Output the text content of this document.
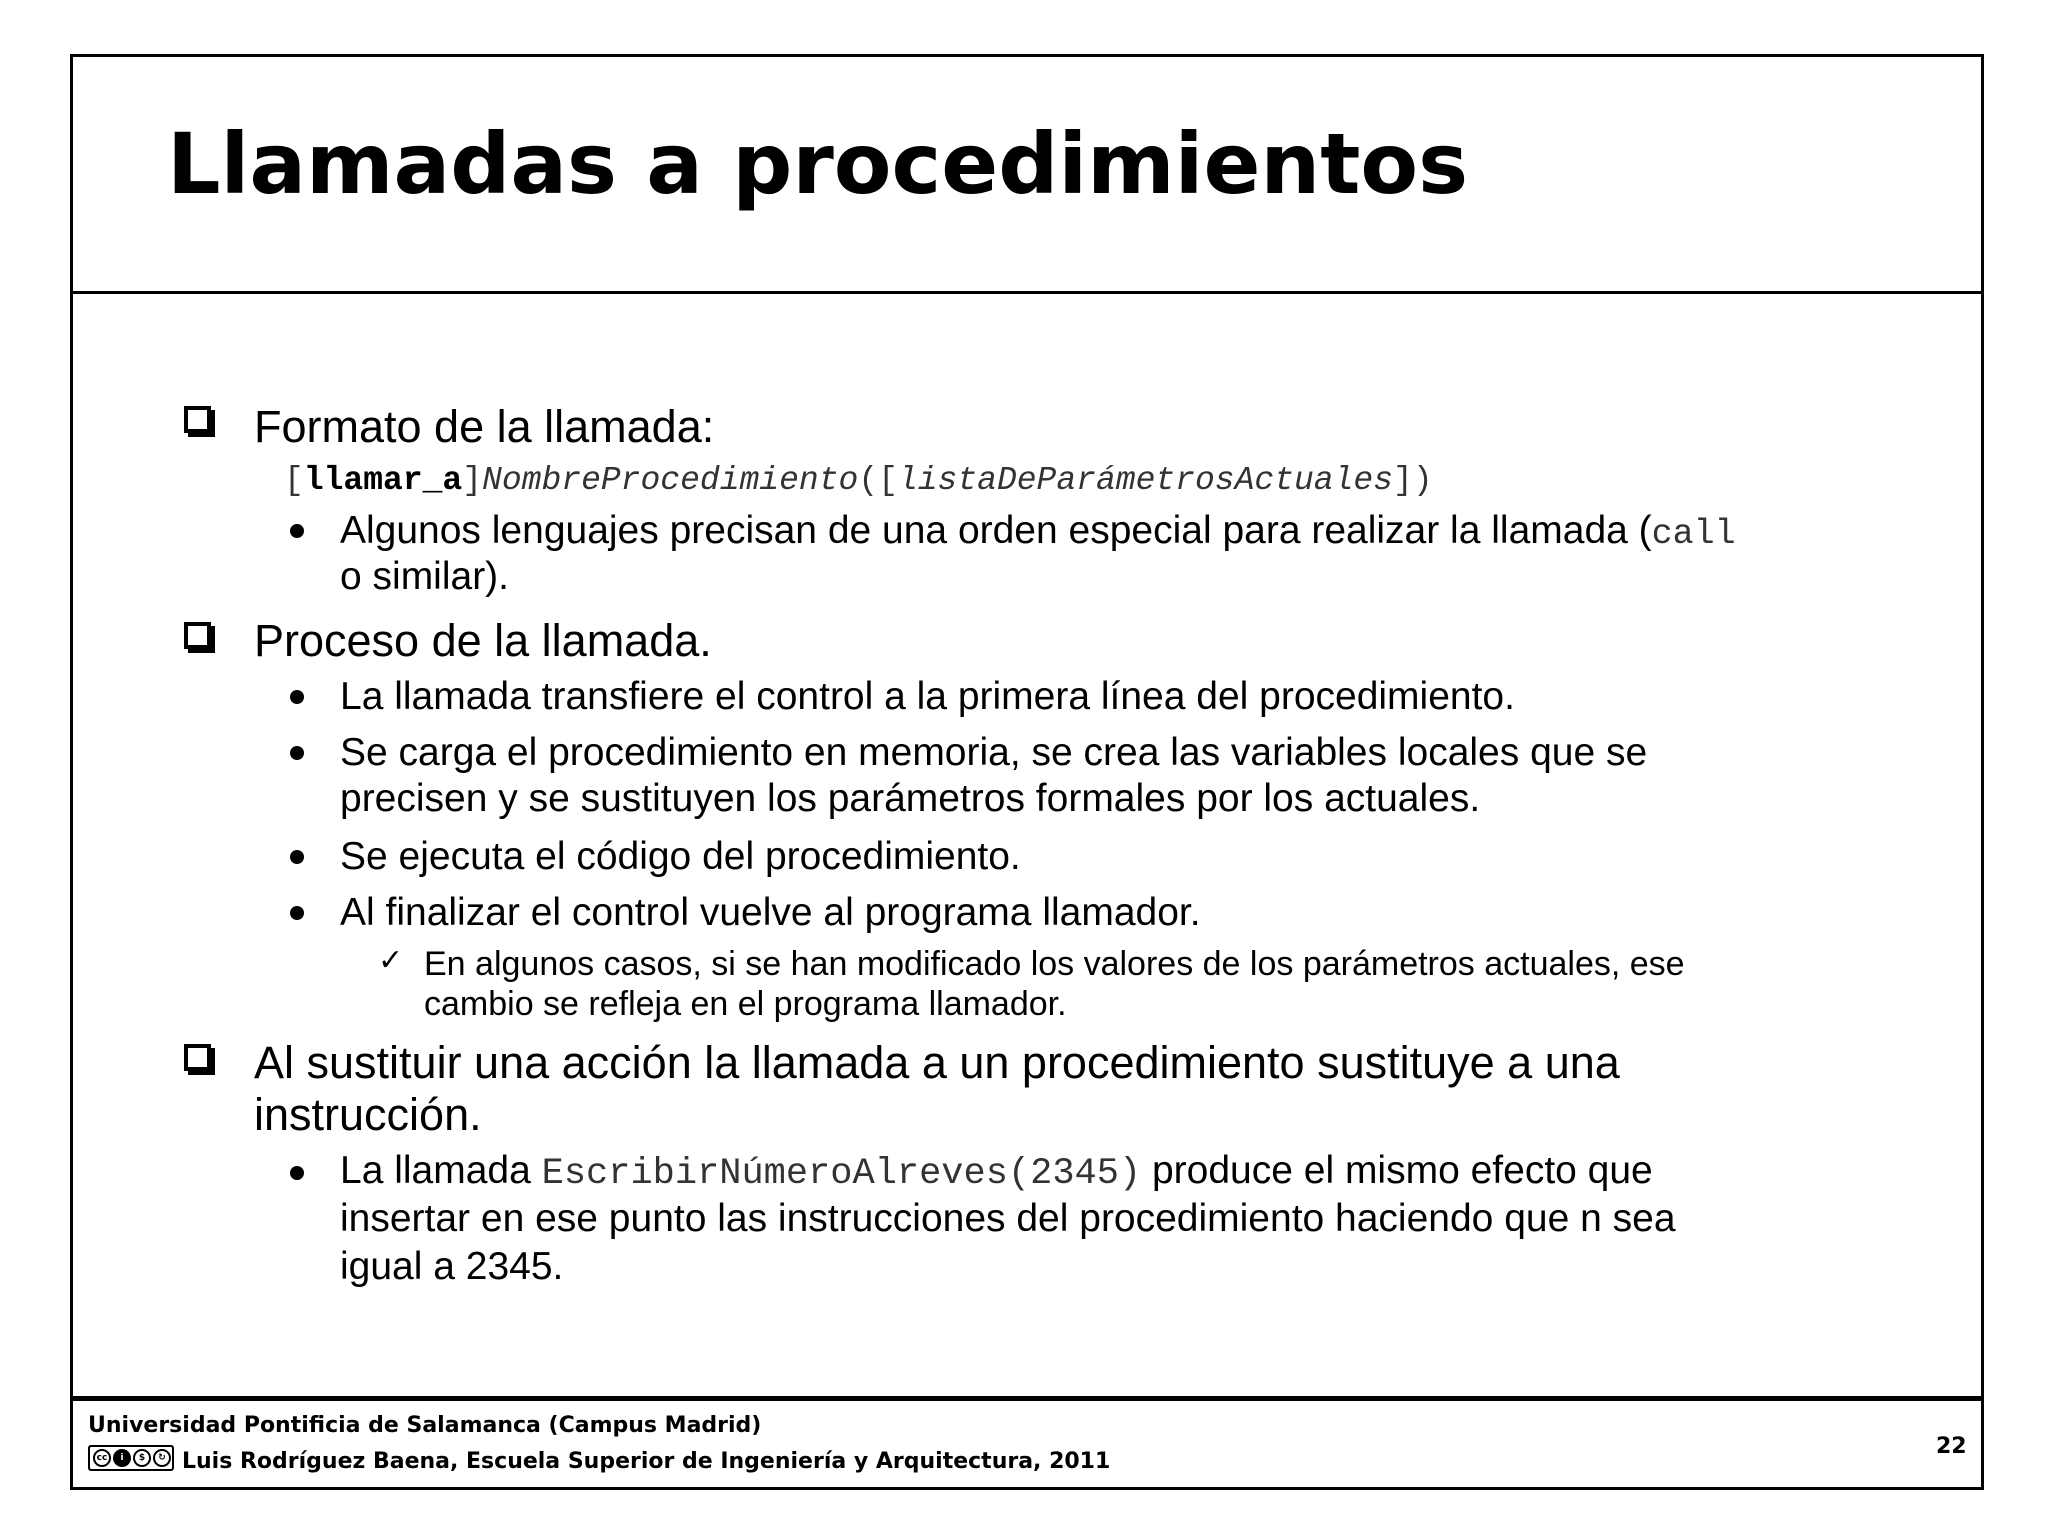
Llamadas a procedimientos
Formato de la llamada:
[llamar_a]NombreProcedimiento([listaDeParámetrosActuales])
Algunos lenguajes precisan de una orden especial para realizar la llamada (call
o similar).
Proceso de la llamada.
La llamada transfiere el control a la primera línea del procedimiento.
Se carga el procedimiento en memoria, se crea las variables locales que se
precisen y se sustituyen los parámetros formales por los actuales.
Se ejecuta el código del procedimiento.
Al finalizar el control vuelve al programa llamador.
✓ En algunos casos, si se han modificado los valores de los parámetros actuales, ese
cambio se refleja en el programa llamador.
Al sustituir una acción la llamada a un procedimiento sustituye a una
instrucción.
La llamada EscribirNúmeroAlreves(2345) produce el mismo efecto que
insertar en ese punto las instrucciones del procedimiento haciendo que n sea
igual a 2345.
Universidad Pontificia de Salamanca (Campus Madrid)
cc	i	$	↻ Luis Rodríguez Baena, Escuela Superior de Ingeniería y Arquitectura, 2011
22
